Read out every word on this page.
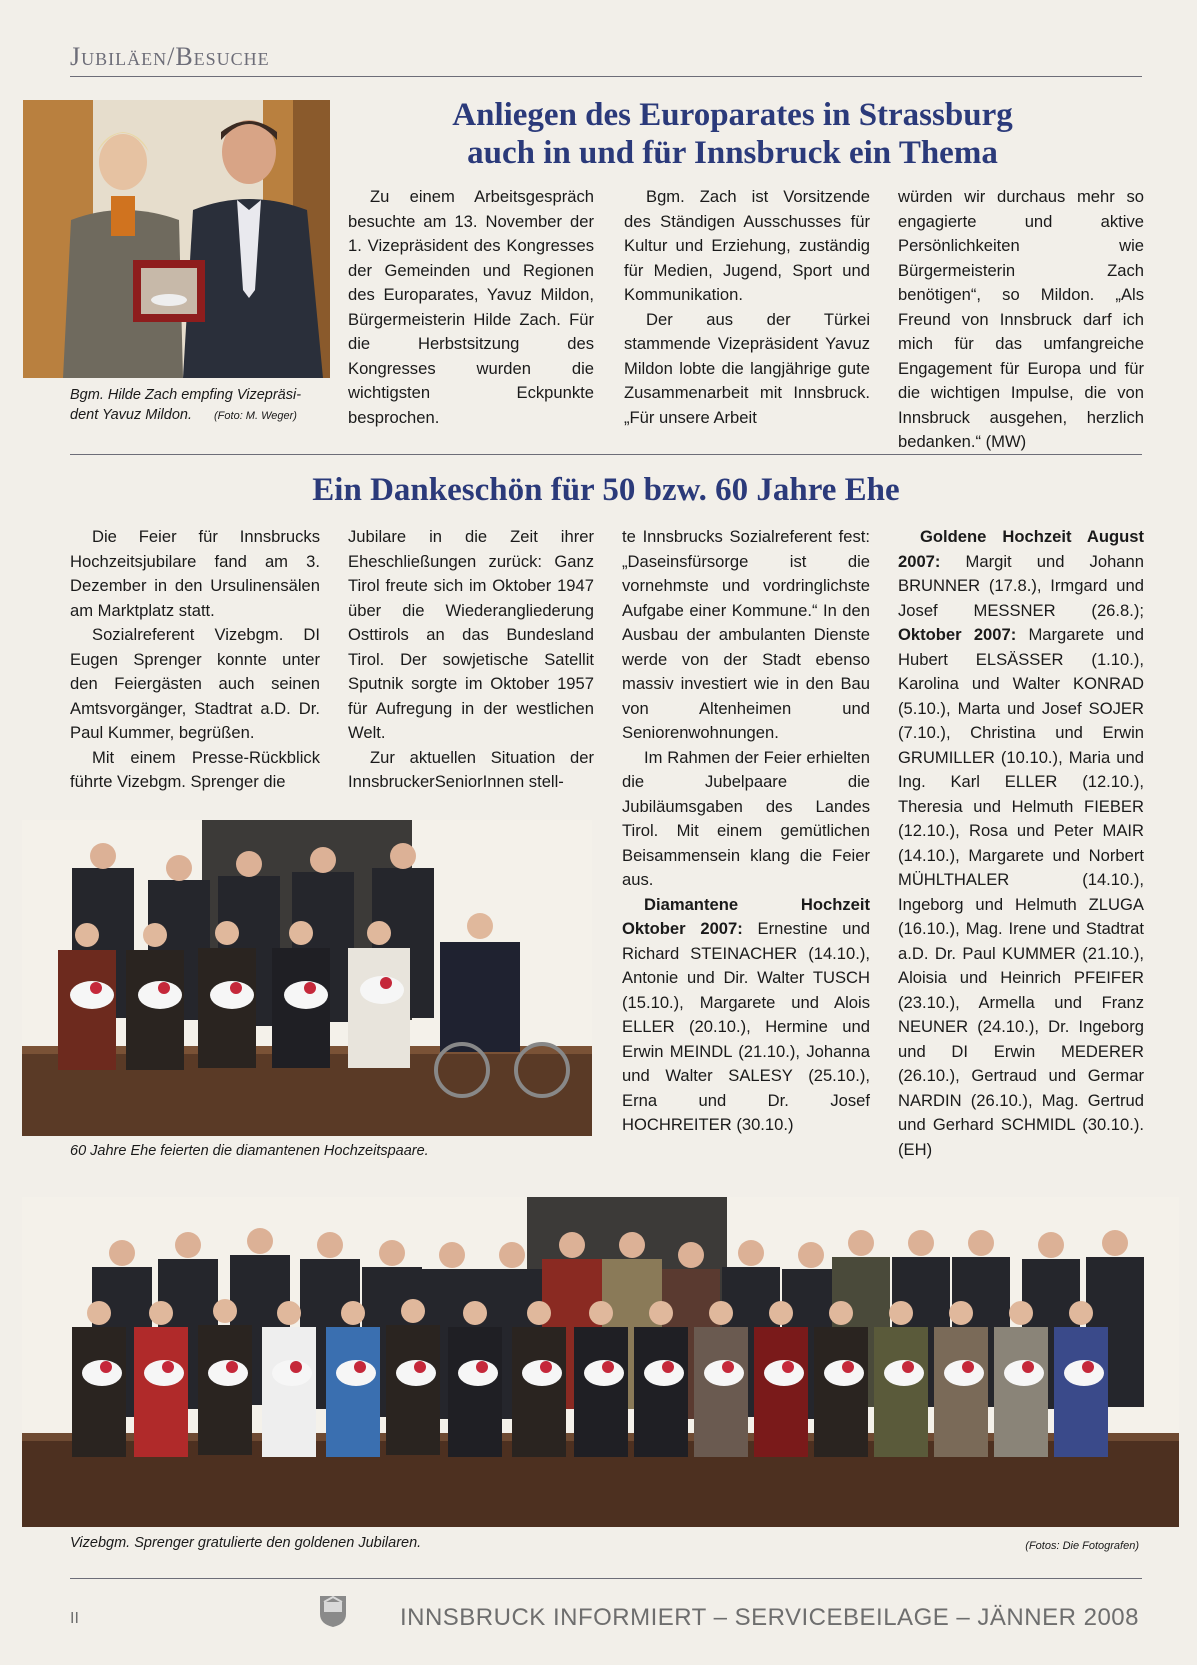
Jubiläen/Besuche
Bgm. Hilde Zach empfing Vizepräsi-
dent Yavuz Mildon. (Foto: M. Weger)
Anliegen des Europarates in Strassburg
auch in und für Innsbruck ein Thema

Zu einem Arbeitsgespräch besuchte am 13. November der 1. Vizepräsident des Kongresses der Gemeinden und Regionen des Europarates, Yavuz Mildon, Bürgermeisterin Hilde Zach. Für die Herbstsitzung des Kongresses wurden die wichtigsten Eckpunkte besprochen.

Bgm. Zach ist Vorsitzende des Ständigen Ausschusses für Kultur und Erziehung, zuständig für Medien, Jugend, Sport und Kommunikation.

Der aus der Türkei stammende Vizepräsident Yavuz Mildon lobte die langjährige gute Zusammenarbeit mit Innsbruck. „Für unsere Arbeit

würden wir durchaus mehr so engagierte und aktive Persönlichkeiten wie Bürgermeisterin Zach benötigen“, so Mildon. „Als Freund von Innsbruck darf ich mich für das umfangreiche Engagement für Europa und für die wichtigen Impulse, die von Innsbruck ausgehen, herzlich bedanken.“ (MW)

Ein Dankeschön für 50 bzw. 60 Jahre Ehe

Die Feier für Innsbrucks Hochzeitsjubilare fand am 3. Dezember in den Ursulinensälen am Marktplatz statt.

Sozialreferent Vizebgm. DI Eugen Sprenger konnte unter den Feiergästen auch seinen Amtsvorgänger, Stadtrat a.D. Dr. Paul Kummer, begrüßen.

Mit einem Presse-Rückblick führte Vizebgm. Sprenger die

Jubilare in die Zeit ihrer Eheschließungen zurück: Ganz Tirol freute sich im Oktober 1947 über die Wiederangliederung Osttirols an das Bundesland Tirol. Der sowjetische Satellit Sputnik sorgte im Oktober 1957 für Aufregung in der westlichen Welt.

Zur aktuellen Situation der InnsbruckerSeniorInnen stell-

te Innsbrucks Sozialreferent fest: „Daseinsfürsorge ist die vornehmste und vordringlichste Aufgabe einer Kommune.“ In den Ausbau der ambulanten Dienste werde von der Stadt ebenso massiv investiert wie in den Bau von Altenheimen und Seniorenwohnungen.

Im Rahmen der Feier erhielten die Jubelpaare die Jubiläumsgaben des Landes Tirol. Mit einem gemütlichen Beisammensein klang die Feier aus.

Diamantene Hochzeit Oktober 2007: Ernestine und Richard STEINACHER (14.10.), Antonie und Dir. Walter TUSCH (15.10.), Margarete und Alois ELLER (20.10.), Hermine und Erwin MEINDL (21.10.), Johanna und Walter SALESY (25.10.), Erna und Dr. Josef HOCHREITER (30.10.)

Goldene Hochzeit August 2007: Margit und Johann BRUNNER (17.8.), Irmgard und Josef MESSNER (26.8.); Oktober 2007: Margarete und Hubert ELSÄSSER (1.10.), Karolina und Walter KONRAD (5.10.), Marta und Josef SOJER (7.10.), Christina und Erwin GRUMILLER (10.10.), Maria und Ing. Karl ELLER (12.10.), Theresia und Helmuth FIEBER (12.10.), Rosa und Peter MAIR (14.10.), Margarete und Norbert MÜHLTHALER (14.10.), Ingeborg und Helmuth ZLUGA (16.10.), Mag. Irene und Stadtrat a.D. Dr. Paul KUMMER (21.10.), Aloisia und Heinrich PFEIFER (23.10.), Armella und Franz NEUNER (24.10.), Dr. Ingeborg und DI Erwin MEDERER (26.10.), Gertraud und Germar NARDIN (26.10.), Mag. Gertrud und Gerhard SCHMIDL (30.10.). (EH)

60 Jahre Ehe feierten die diamantenen Hochzeitspaare.
Vizebgm. Sprenger gratulierte den goldenen Jubilaren.	(Fotos: Die Fotografen)
II	INNSBRUCK INFORMIERT – SERVICEBEILAGE – JÄNNER 2008
